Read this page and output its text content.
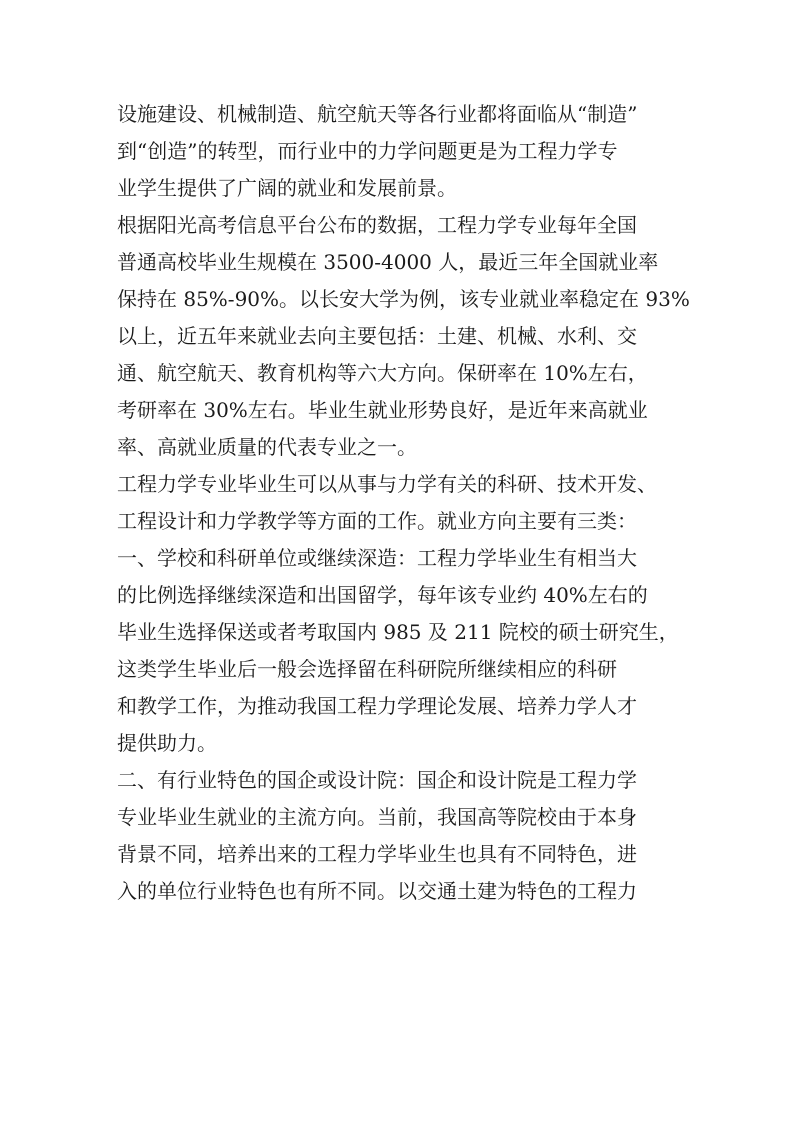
设施建设、机械制造、航空航天等各行业都将面临从“制造”
到“创造”的转型，而行业中的力学问题更是为工程力学专
业学生提供了广阔的就业和发展前景。
根据阳光高考信息平台公布的数据，工程力学专业每年全国
普通高校毕业生规模在 3500-4000 人，最近三年全国就业率
保持在 85%-90%。以长安大学为例，该专业就业率稳定在 93%
以上，近五年来就业去向主要包括：土建、机械、水利、交
通、航空航天、教育机构等六大方向。保研率在 10%左右，
考研率在 30%左右。毕业生就业形势良好，是近年来高就业
率、高就业质量的代表专业之一。
工程力学专业毕业生可以从事与力学有关的科研、技术开发、
工程设计和力学教学等方面的工作。就业方向主要有三类：
一、学校和科研单位或继续深造：工程力学毕业生有相当大
的比例选择继续深造和出国留学，每年该专业约 40%左右的
毕业生选择保送或者考取国内 985 及 211 院校的硕士研究生，
这类学生毕业后一般会选择留在科研院所继续相应的科研
和教学工作，为推动我国工程力学理论发展、培养力学人才
提供助力。
二、有行业特色的国企或设计院：国企和设计院是工程力学
专业毕业生就业的主流方向。当前，我国高等院校由于本身
背景不同，培养出来的工程力学毕业生也具有不同特色，进
入的单位行业特色也有所不同。以交通土建为特色的工程力
